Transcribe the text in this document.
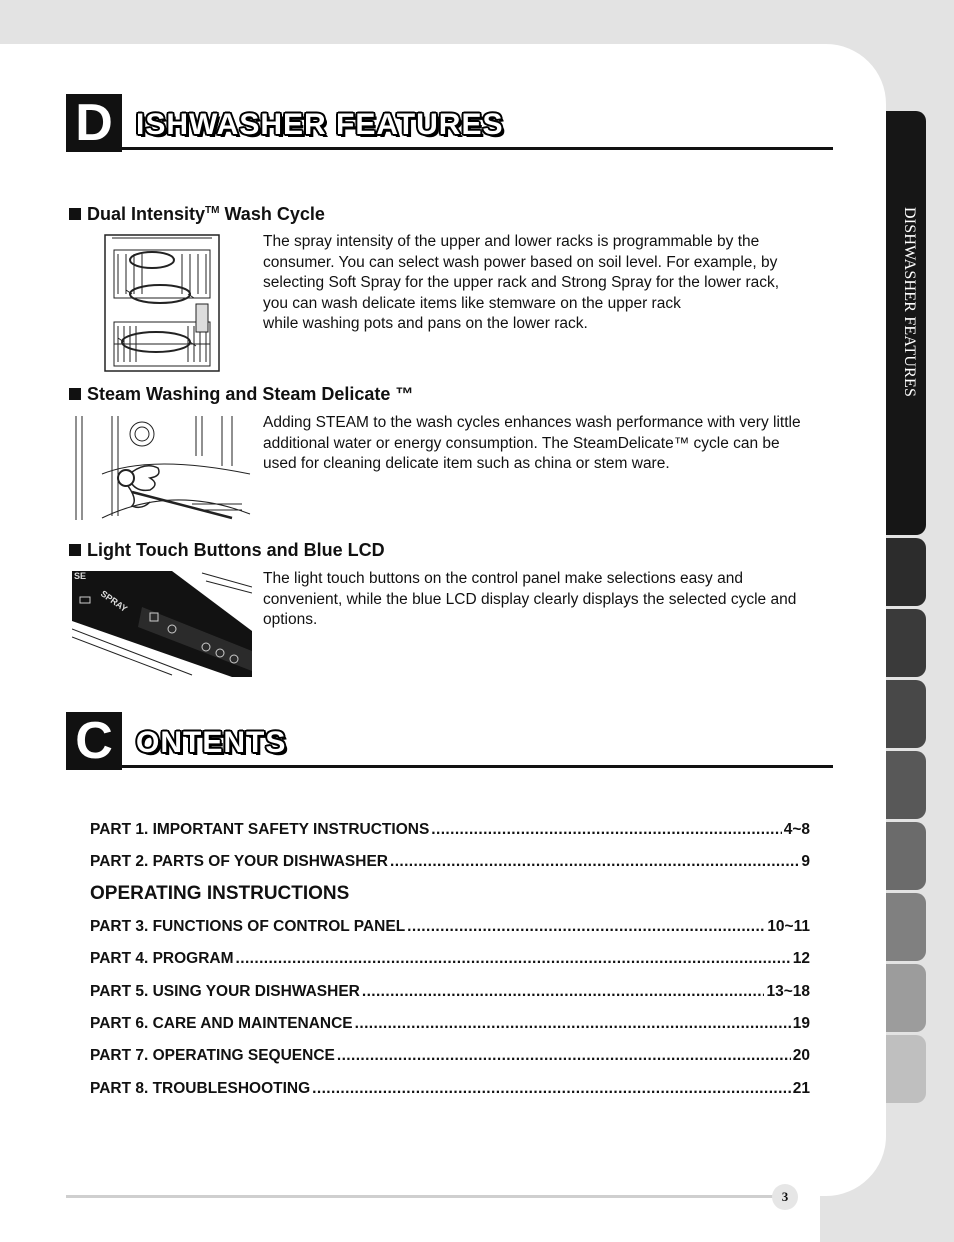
DISHWASHER FEATURES
D ISHWASHER FEATURES
Dual Intensity™ Wash Cycle
The spray intensity of the upper and lower racks is programmable by the
consumer. You can select wash power based on soil level. For example, by
selecting Soft Spray for the upper rack and Strong Spray for the lower rack,
you can wash delicate items like stemware on the upper rack
while washing pots and pans on the lower rack.
Steam Washing and Steam Delicate ™
Adding STEAM to the wash cycles enhances wash performance with very little
additional water or energy consumption. The SteamDelicate™ cycle can be
used for cleaning delicate item such as china or stem ware.
Light Touch Buttons and Blue LCD
SE
SPRAY
The light touch buttons on the control panel make selections easy and
convenient, while the blue LCD display clearly displays the selected cycle and
options.
C ONTENTS
PART 1. IMPORTANT SAFETY INSTRUCTIONS .....	4~8
PART 2. PARTS OF YOUR DISHWASHER .....	9
OPERATING INSTRUCTIONS
PART 3. FUNCTIONS OF CONTROL PANEL .....	10~11
PART 4. PROGRAM .....	12
PART 5. USING YOUR DISHWASHER .....	13~18
PART 6. CARE AND MAINTENANCE .....	19
PART 7. OPERATING SEQUENCE .....	20
PART 8. TROUBLESHOOTING .....	21
3
